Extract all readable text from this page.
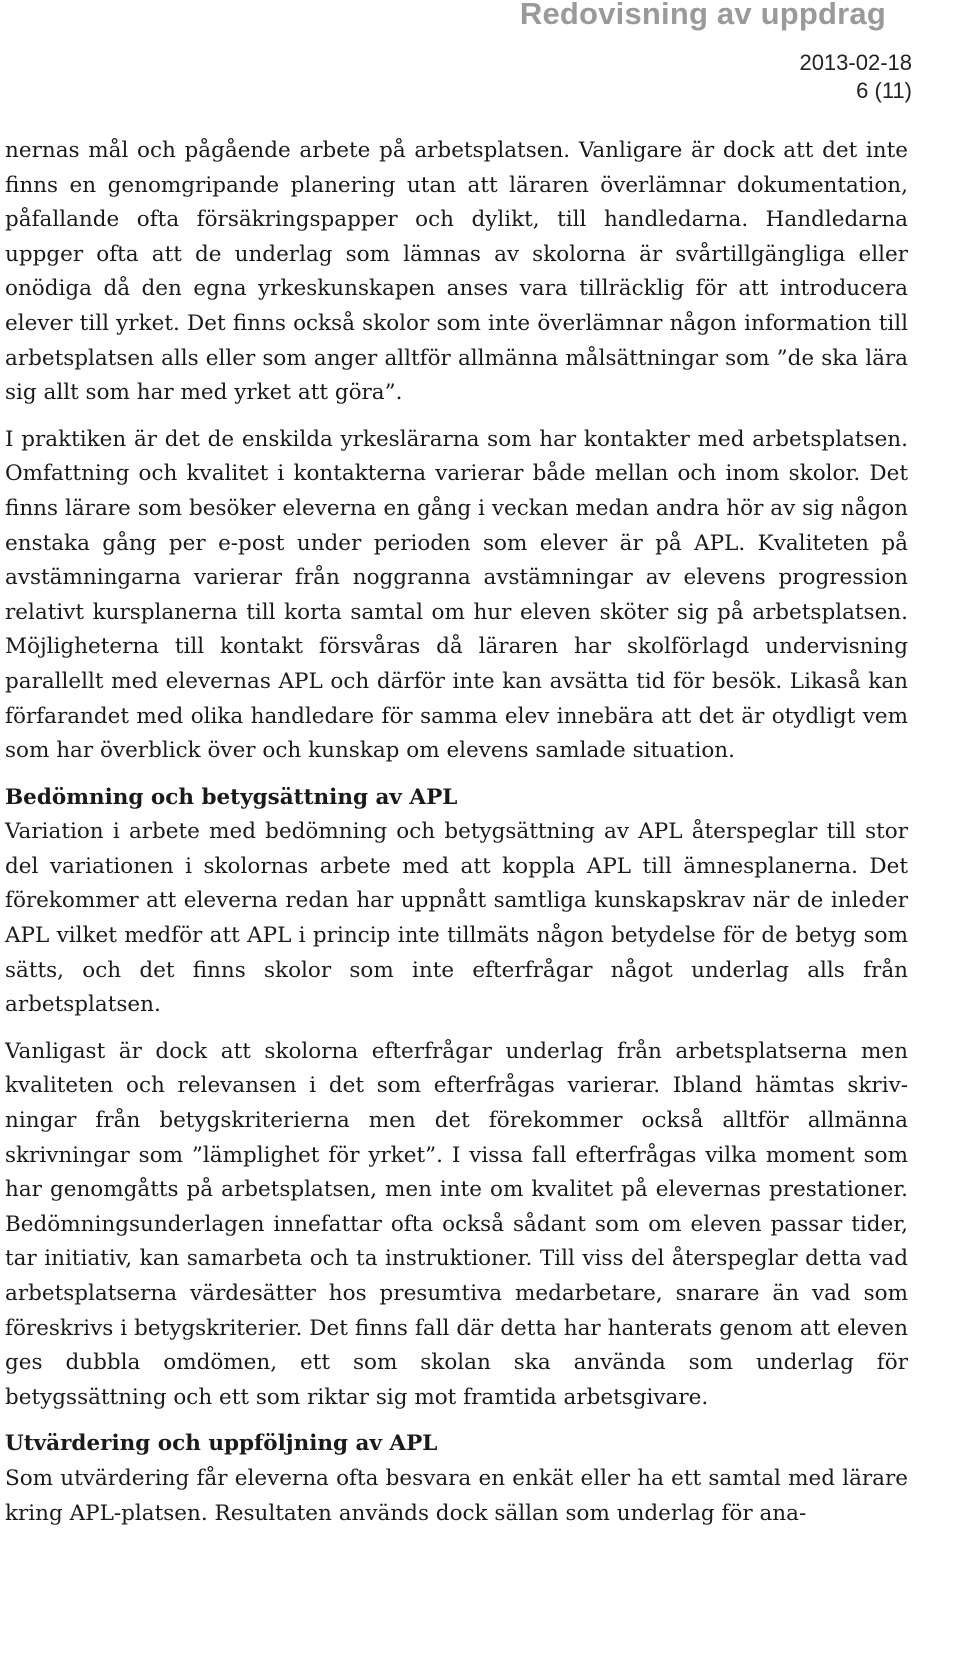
Redovisning av uppdrag
2013-02-18
6 (11)

nernas mål och pågående arbete på arbetsplatsen. Vanligare är dock att det inte finns en genomgripande planering utan att läraren överlämnar dokumentation, påfallande ofta försäkringspapper och dylikt, till handledarna. Handledarna uppger ofta att de underlag som lämnas av skolorna är svårtillgängliga eller onödiga då den egna yrkeskunskapen anses vara tillräcklig för att introducera elever till yrket. Det finns också skolor som inte överlämnar någon information till arbetsplatsen alls eller som anger alltför allmänna målsättningar som ”de ska lära sig allt som har med yrket att göra”.

I praktiken är det de enskilda yrkeslärarna som har kontakter med arbetsplatsen. Omfattning och kvalitet i kontakterna varierar både mellan och inom skolor. Det finns lärare som besöker eleverna en gång i veckan medan andra hör av sig någon enstaka gång per e-post under perioden som elever är på APL. Kvaliteten på avstämningarna varierar från noggranna avstämningar av elevens progression relativt kursplanerna till korta samtal om hur eleven sköter sig på arbetsplatsen. Möjligheterna till kontakt försvåras då läraren har skolförlagd undervisning parallellt med elevernas APL och därför inte kan avsätta tid för besök. Likaså kan förfarandet med olika handledare för samma elev innebära att det är otydligt vem som har överblick över och kunskap om elevens samlade situation.

Bedömning och betygsättning av APL

Variation i arbete med bedömning och betygsättning av APL återspeglar till stor del variationen i skolornas arbete med att koppla APL till ämnesplanerna. Det förekommer att eleverna redan har uppnått samtliga kunskapskrav när de inleder APL vilket medför att APL i princip inte tillmäts någon betydelse för de betyg som sätts, och det finns skolor som inte efterfrågar något underlag alls från arbetsplatsen.

Vanligast är dock att skolorna efterfrågar underlag från arbetsplatserna men kvaliteten och relevansen i det som efterfrågas varierar. Ibland hämtas skrivningar från betygskriterierna men det förekommer också alltför allmänna skrivningar som ”lämplighet för yrket”. I vissa fall efterfrågas vilka moment som har genomgåtts på arbetsplatsen, men inte om kvalitet på elevernas prestationer. Bedömningsunderlagen innefattar ofta också sådant som om eleven passar tider, tar initiativ, kan samarbeta och ta instruktioner. Till viss del återspeglar detta vad arbetsplatserna värdesätter hos presumtiva medarbetare, snarare än vad som föreskrivs i betygskriterier. Det finns fall där detta har hanterats genom att eleven ges dubbla omdömen, ett som skolan ska använda som underlag för betygssättning och ett som riktar sig mot framtida arbetsgivare.

Utvärdering och uppföljning av APL

Som utvärdering får eleverna ofta besvara en enkät eller ha ett samtal med lärare kring APL-platsen. Resultaten används dock sällan som underlag för ana-
